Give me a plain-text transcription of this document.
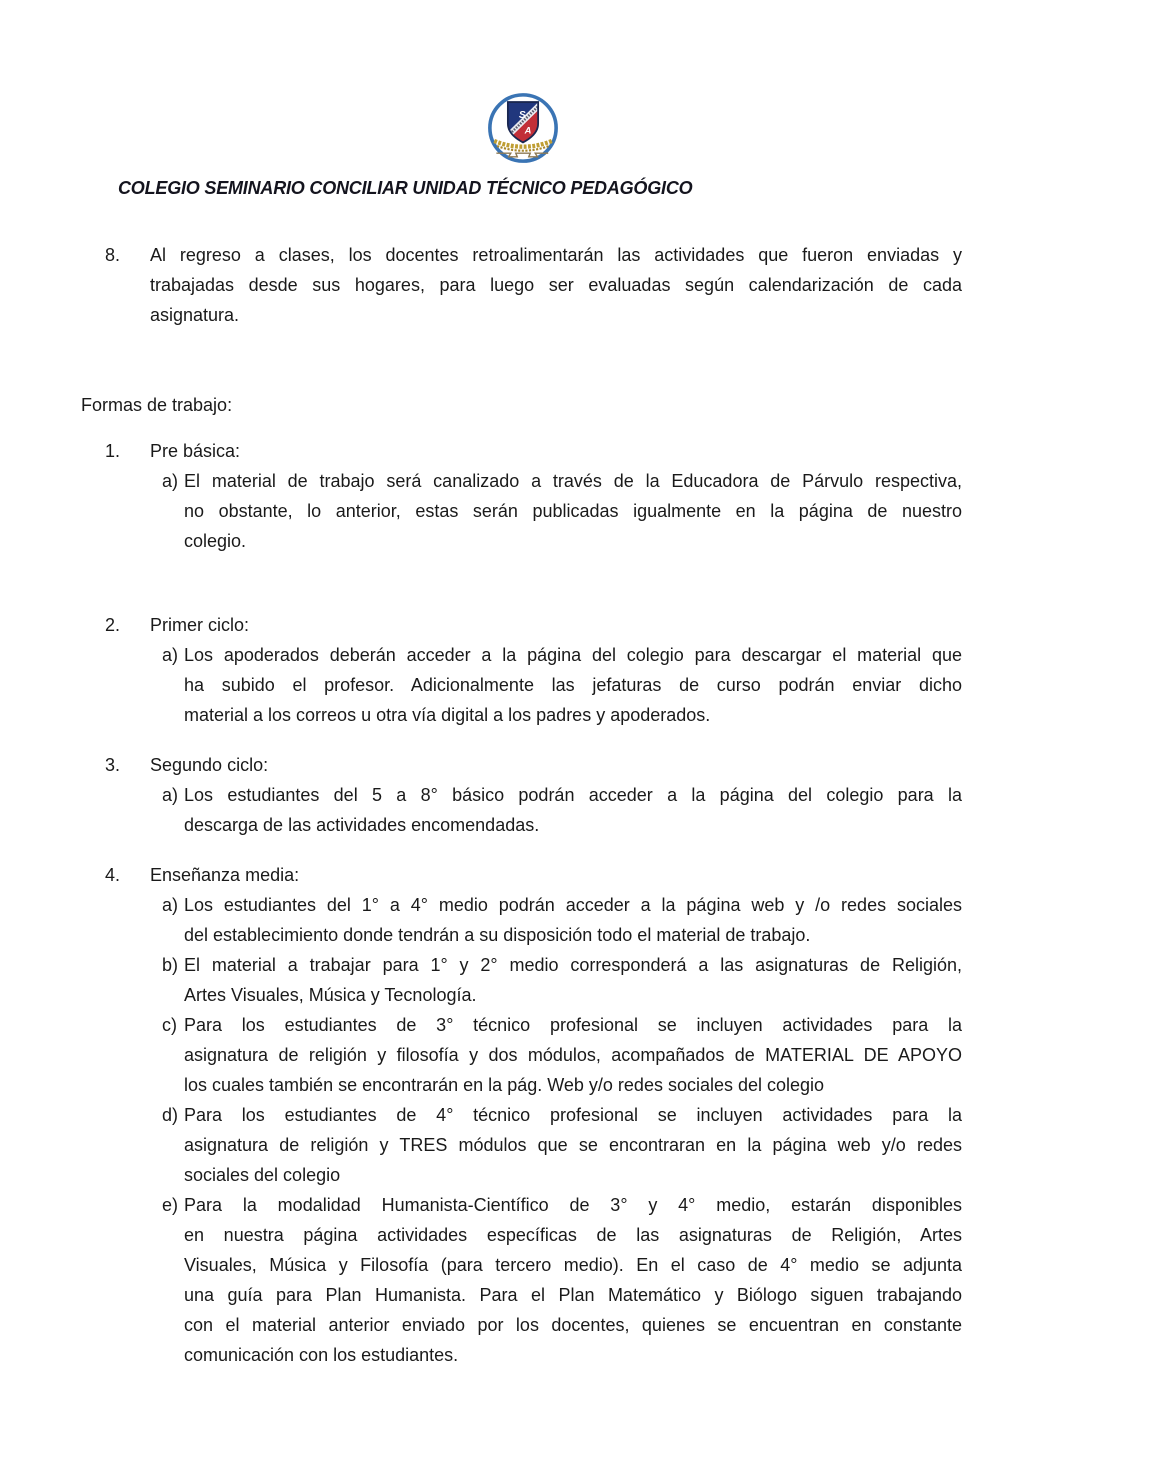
S
A
COLEGIO SEMINARIO CONCILIAR UNIDAD TÉCNICO PEDAGÓGICO
8. Al regreso a clases, los docentes retroalimentarán las actividades que fueron enviadas y
trabajadas desde sus hogares, para luego ser evaluadas según calendarización de cada
asignatura.
Formas de trabajo:
1. Pre básica:
a) El material de trabajo será canalizado a través de la Educadora de Párvulo respectiva,
no obstante, lo anterior, estas serán publicadas igualmente en la página de nuestro
colegio.
2. Primer ciclo:
a) Los apoderados deberán acceder a la página del colegio para descargar el material que
ha subido el profesor. Adicionalmente las jefaturas de curso podrán enviar dicho
material a los correos u otra vía digital a los padres y apoderados.
3. Segundo ciclo:
a) Los estudiantes del 5 a 8° básico podrán acceder a la página del colegio para la
descarga de las actividades encomendadas.
4. Enseñanza media:
a) Los estudiantes del 1° a 4° medio podrán acceder a la página web y /o redes sociales
del establecimiento donde tendrán a su disposición todo el material de trabajo.
b) El material a trabajar para 1° y 2° medio corresponderá a las asignaturas de Religión,
Artes Visuales, Música y Tecnología.
c) Para los estudiantes de 3° técnico profesional se incluyen actividades para la
asignatura de religión y filosofía y dos módulos, acompañados de MATERIAL DE APOYO
los cuales también se encontrarán en la pág. Web y/o redes sociales del colegio
d) Para los estudiantes de 4° técnico profesional se incluyen actividades para la
asignatura de religión y TRES módulos que se encontraran en la página web y/o redes
sociales del colegio
e) Para la modalidad Humanista-Científico de 3° y 4° medio, estarán disponibles
en nuestra página actividades específicas de las asignaturas de Religión, Artes
Visuales, Música y Filosofía (para tercero medio). En el caso de 4° medio se adjunta
una guía para Plan Humanista. Para el Plan Matemático y Biólogo siguen trabajando
con el material anterior enviado por los docentes, quienes se encuentran en constante
comunicación con los estudiantes.
